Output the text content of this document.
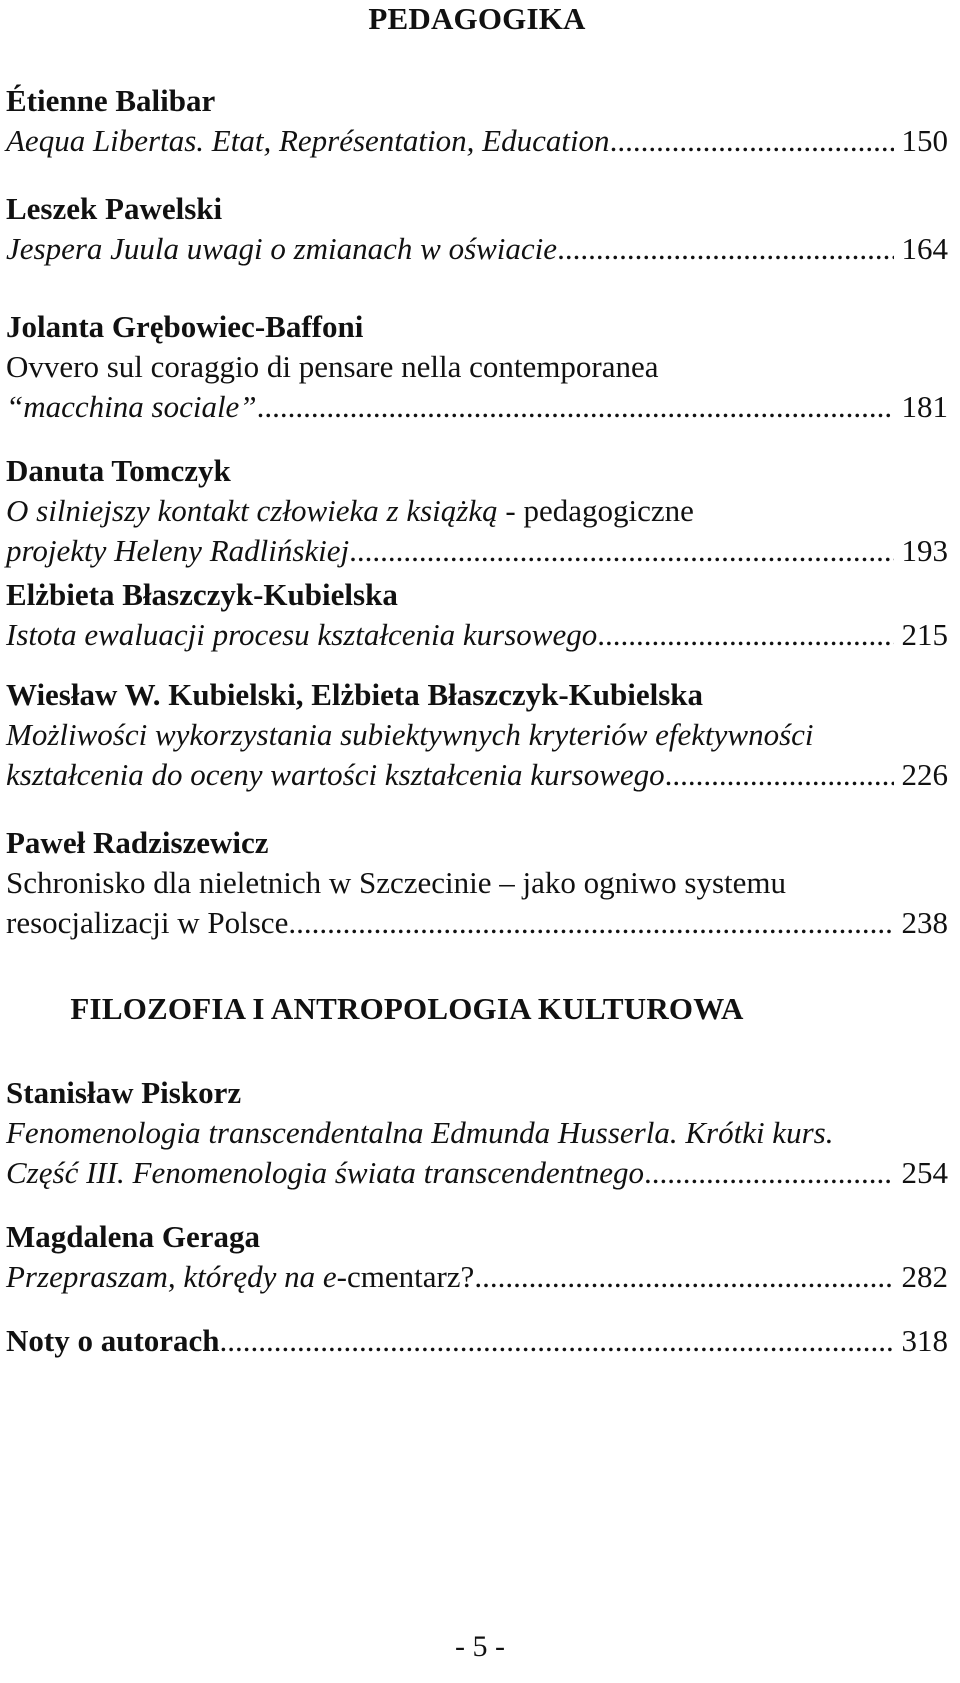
PEDAGOGIKA
Étienne Balibar
Aequa Libertas. Etat, Représentation, Education .....	150
Leszek Pawelski
Jespera Juula uwagi o zmianach w oświacie .....	164
Jolanta Grębowiec-Baffoni
Ovvero sul coraggio di pensare nella contemporanea
“macchina sociale” .....	181
Danuta Tomczyk
O silniejszy kontakt człowieka z książką - pedagogiczne
projekty Heleny Radlińskiej .....	193
Elżbieta Błaszczyk-Kubielska
Istota ewaluacji procesu kształcenia kursowego .....	215
Wiesław W. Kubielski, Elżbieta Błaszczyk-Kubielska
Możliwości wykorzystania subiektywnych kryteriów efektywności
kształcenia do oceny wartości kształcenia kursowego .....	226
Paweł Radziszewicz
Schronisko dla nieletnich w Szczecinie – jako ogniwo systemu
resocjalizacji w Polsce .....	238
FILOZOFIA I ANTROPOLOGIA KULTUROWA
Stanisław Piskorz
Fenomenologia transcendentalna Edmunda Husserla. Krótki kurs.
Część III. Fenomenologia świata transcendentnego .....	254
Magdalena Geraga
Przepraszam, którędy na e-cmentarz? .....	282
Noty o autorach .....	318
- 5 -
